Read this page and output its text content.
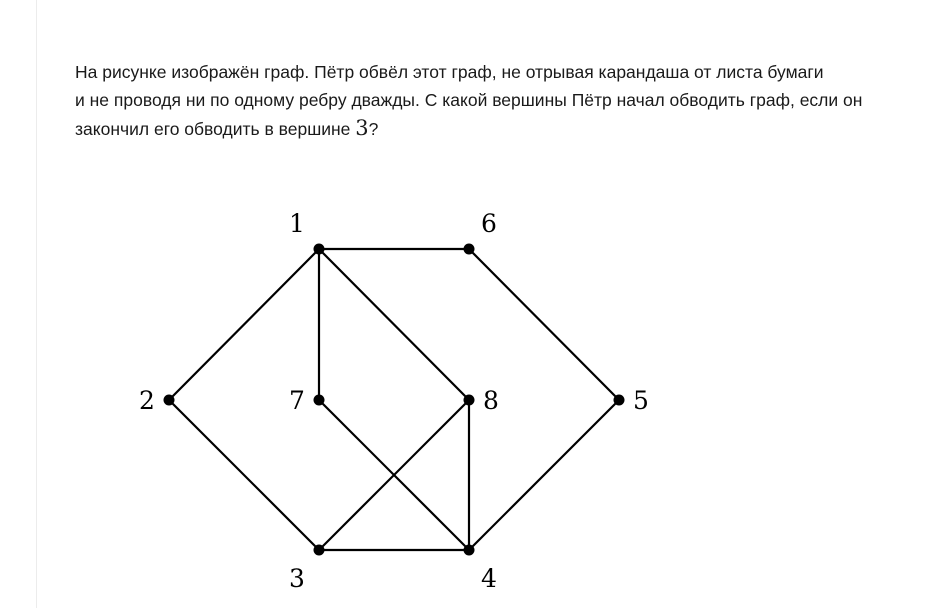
На рисунке изображён граф. Пётр обвёл этот граф, не отрывая карандаша от листа бумаги
и не проводя ни по одному ребру дважды. С какой вершины Пётр начал обводить граф, если он
закончил его обводить в вершине 3?
1
2
3	4
5
6
7	8
